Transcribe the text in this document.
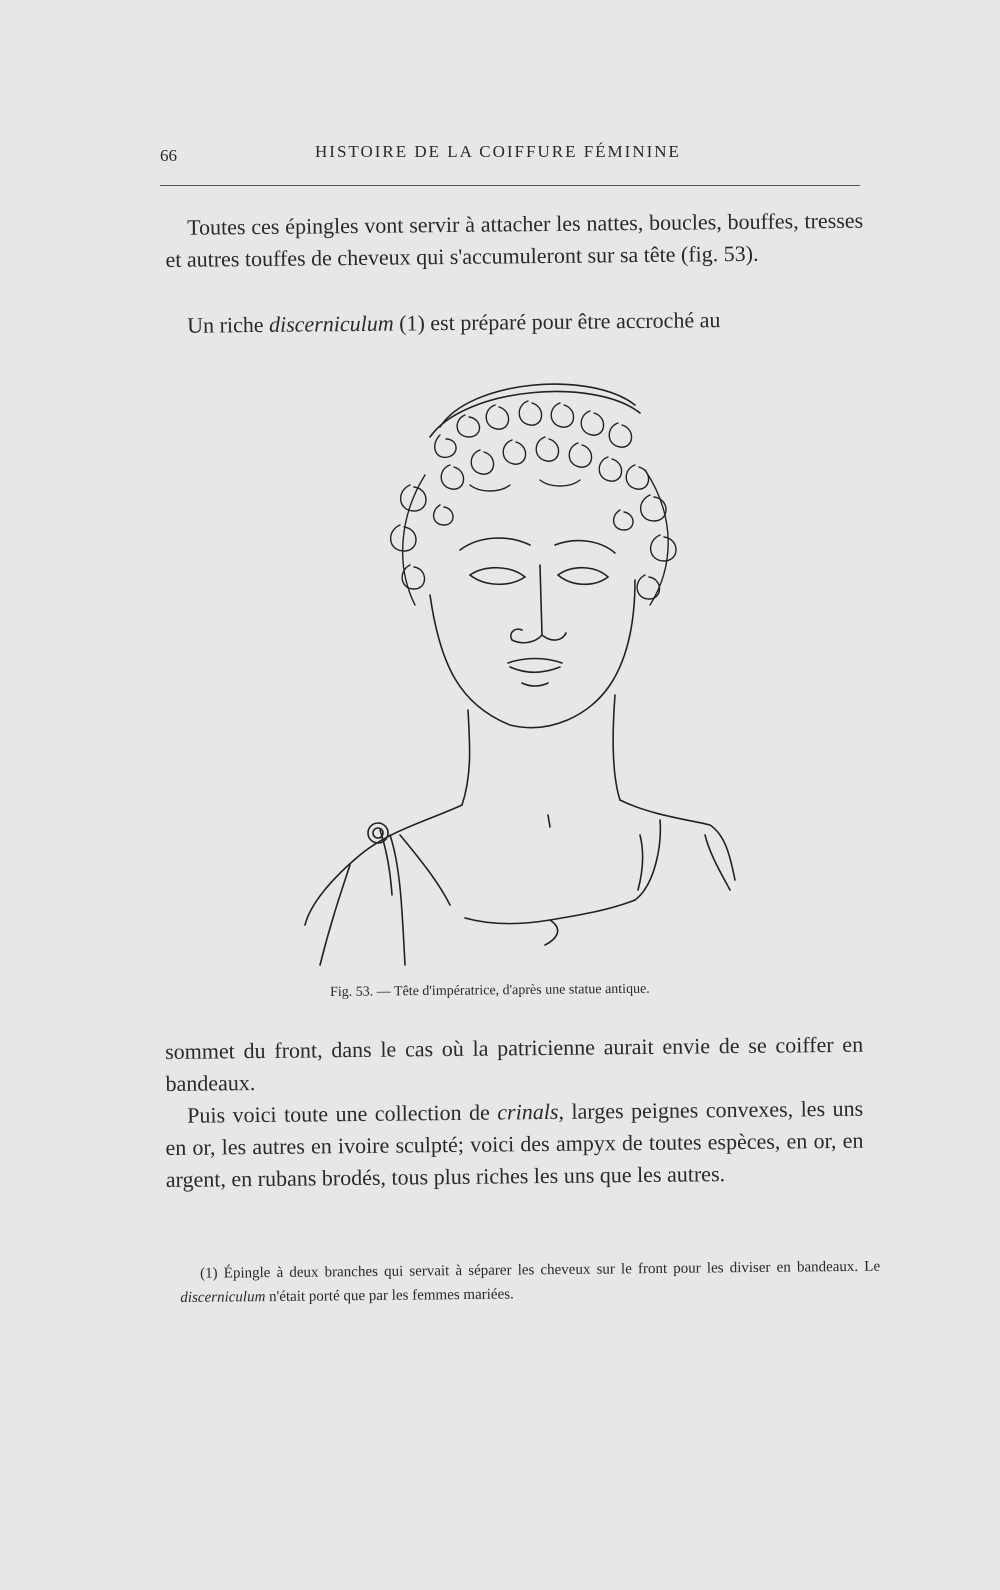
66	HISTOIRE DE LA COIFFURE FÉMININE

Toutes ces épingles vont servir à attacher les nattes, boucles, bouffes, tresses et autres touffes de cheveux qui s'accumuleront sur sa tête (fig. 53).

Un riche discerniculum (1) est préparé pour être accroché au

Fig. 53. — Tête d'impératrice, d'après une statue antique.

sommet du front, dans le cas où la patricienne aurait envie de se coiffer en bandeaux.

Puis voici toute une collection de crinals, larges peignes convexes, les uns en or, les autres en ivoire sculpté; voici des ampyx de toutes espèces, en or, en argent, en rubans brodés, tous plus riches les uns que les autres.

(1) Épingle à deux branches qui servait à séparer les cheveux sur le front pour les diviser en bandeaux. Le discerniculum n'était porté que par les femmes mariées.
